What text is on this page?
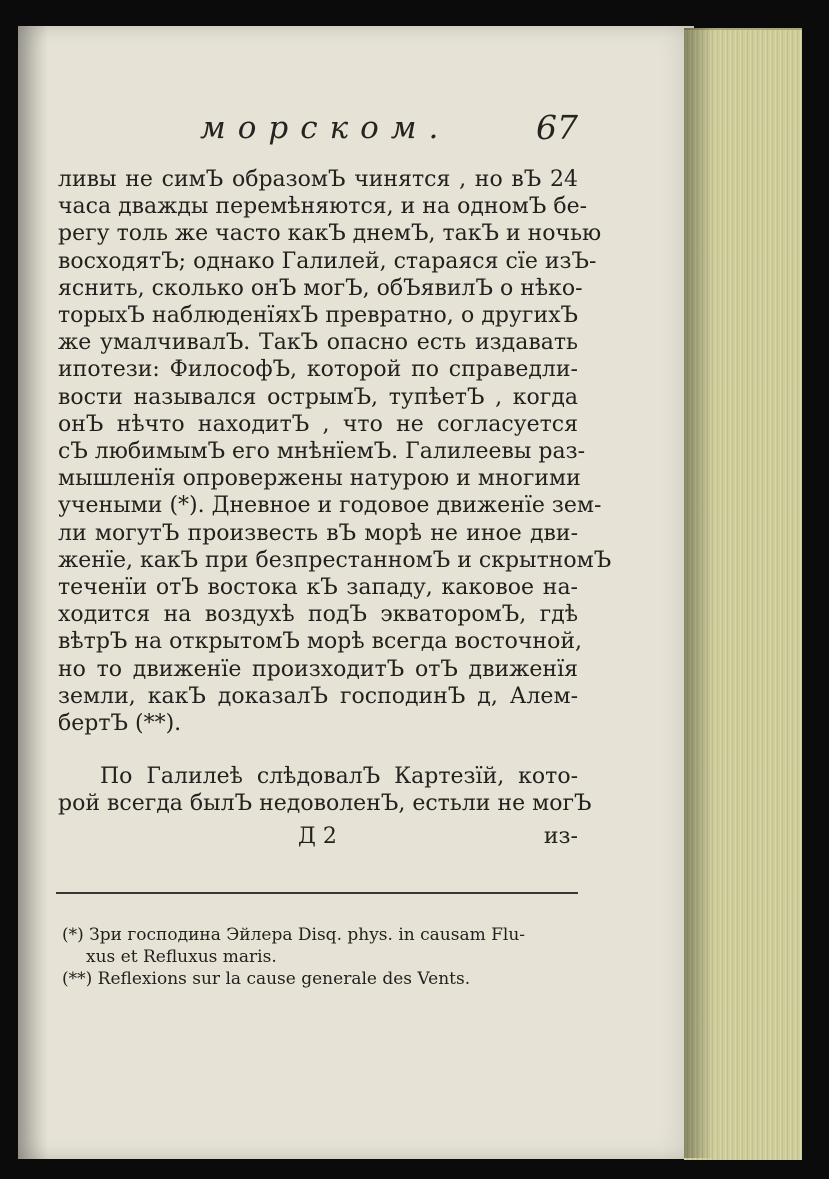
морском.	67
ливы не симЪ образомЪ чинятся , но вЪ 24
часа дважды перемѣняются, и на одномЪ бе-
регу толь же часто какЪ днемЪ, такЪ и ночью
восходятЪ; однако Галилей, стараяся сїе изЪ-
яснить, сколько онЪ могЪ, обЪявилЪ о нѣко-
торыхЪ наблюденїяхЪ превратно, о другихЪ
же умалчивалЪ. ТакЪ опасно есть издавать
ипотези: ФилософЪ, которой по справедли-
вости назывался острымЪ, тупѣетЪ , когда
онЪ нѣчто находитЪ , что не согласуется
сЪ любимымЪ его мнѣнїемЪ. Галилеевы раз-
мышленїя опровержены натурою и многими
учеными (*). Дневное и годовое движенїе зем-
ли могутЪ произвесть вЪ морѣ не иное дви-
женїе, какЪ при безпрестанномЪ и скрытномЪ
теченїи отЪ востока кЪ западу, каковое на-
ходится на воздухѣ подЪ экваторомЪ, гдѣ
вѣтрЪ на открытомЪ морѣ всегда восточной,
но то движенїе произходитЪ отЪ движенїя
земли, какЪ доказалЪ господинЪ д, Алем-
бертЪ (**).
По Галилеѣ слѣдовалЪ Картезїй, кото-
рой всегда былЪ недоволенЪ, естьли не могЪ
Д 2	из-
(*) Зри господина Эйлера Disq. phys. in causam Flu-
xus et Refluxus maris.
(**) Reflexions sur la cause generale des Vents.
